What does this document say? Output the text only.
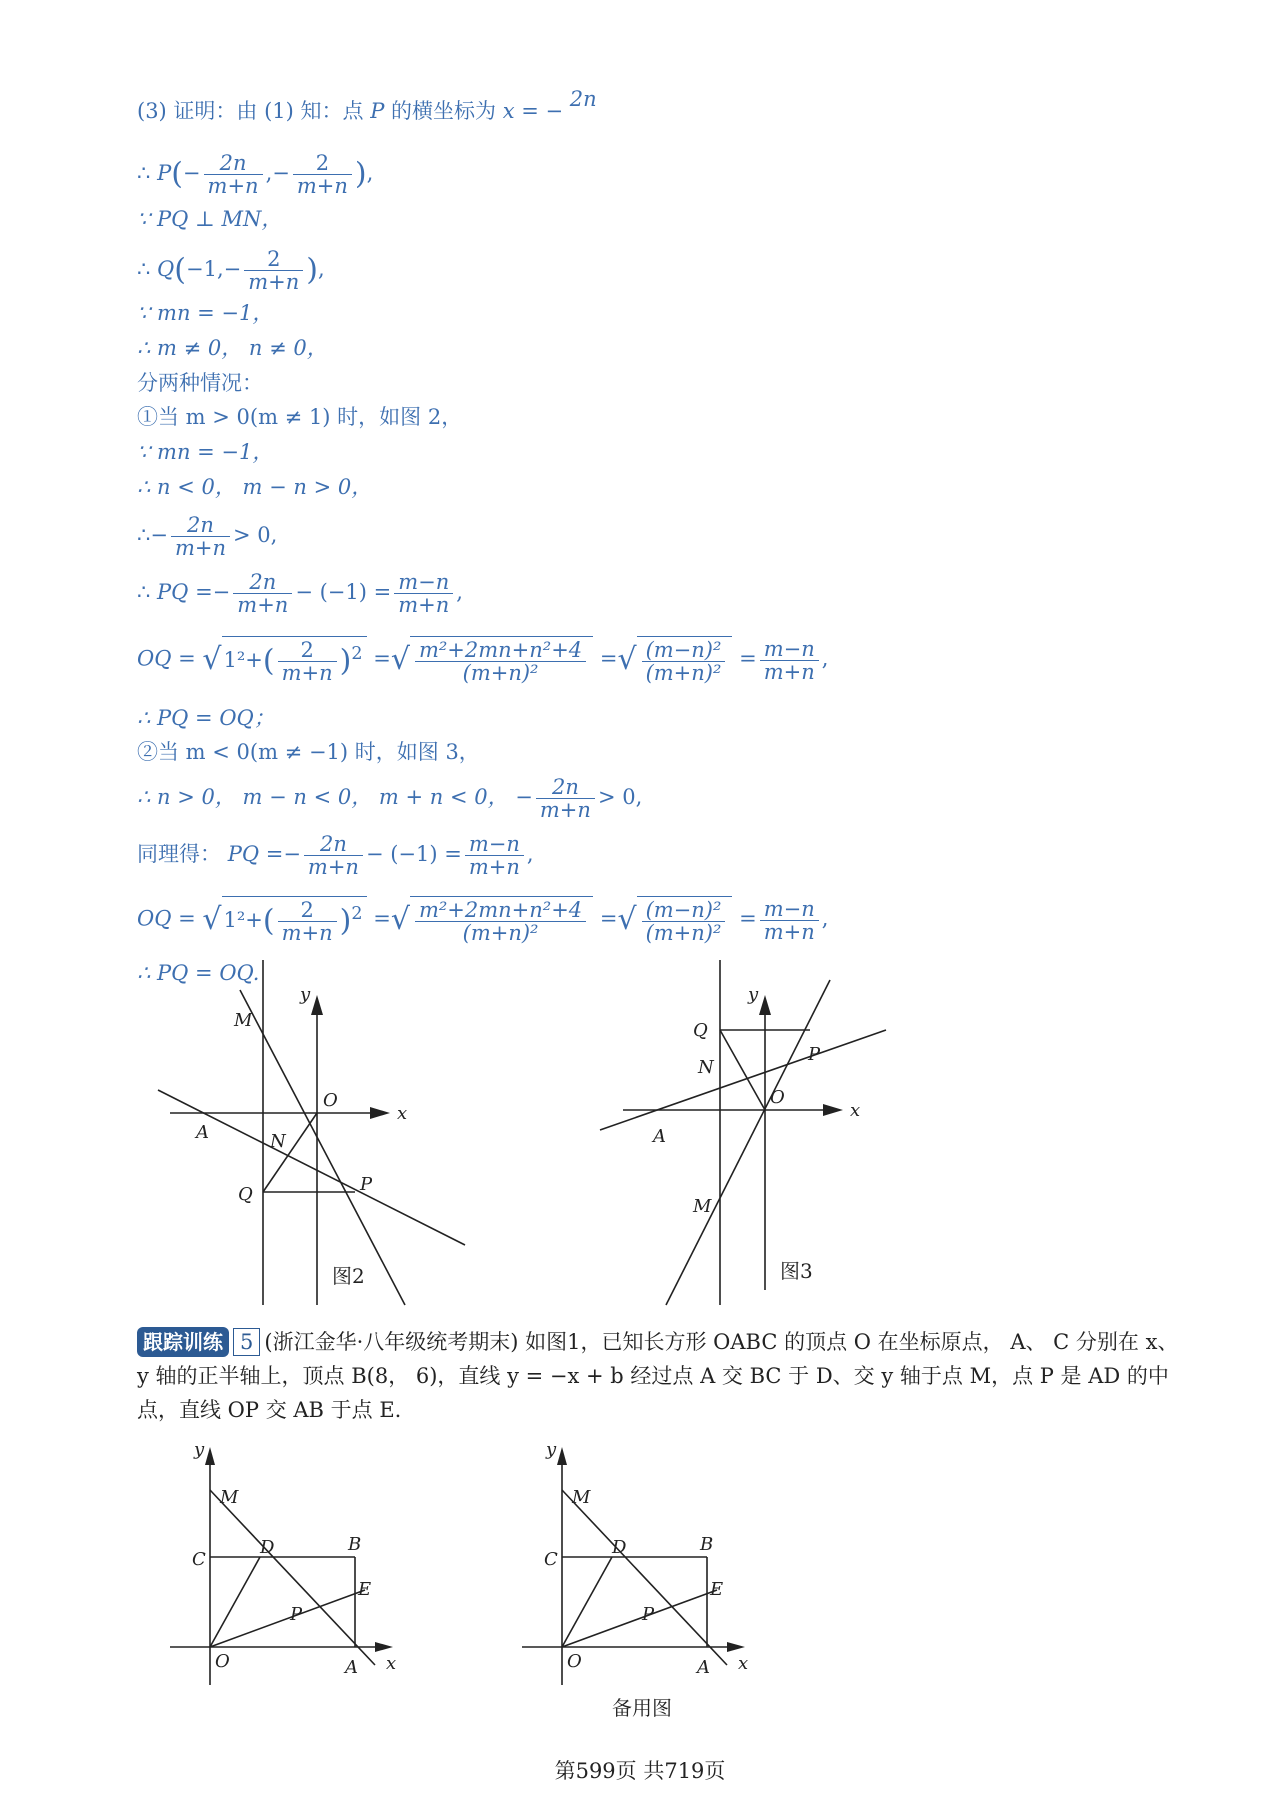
(3) 证明：由 (1) 知：点 P 的横坐标为 x = − 2n
∴ $P(- \frac{2n}{m+n}$ ,− $\frac{2}{m+n}$ ),
∵ PQ ⊥ MN，
∴ $Q(-1,- \frac{2}{m+n}$ ),
∵ mn = −1，
∴ m ≠ 0， n ≠ 0，
分两种情况：
①当 m > 0(m ≠ 1) 时，如图 2，
∵ mn = −1，
∴ n < 0， m − n > 0，
∴− $\frac{2n}{m+n} > 0$,
∴ PQ =− $\frac{2n}{m+n} - (-1) = \frac{m-n}{m+n}$ ,
OQ = $√1^2+( \frac{2}{m+n} )^2$ =√ $\frac{\text{m²+2mn+n²+4}}{\text{(m+n)²}}$ =√ $\frac{\text{(m−n)²}}{\text{(m+n)²}} = \frac{m-n}{m+n}$ ,
∴ PQ = OQ；
②当 m < 0(m ≠ −1) 时，如图 3，
∴ n > 0， m − n < 0， m + n < 0， − $\frac{2n}{m+n} > 0$,
同理得： PQ =− $\frac{2n}{m+n} - (-1) = \frac{m-n}{m+n}$ ,
OQ = $√1^2+( \frac{2}{m+n} )^2$ =√ $\frac{\text{m²+2mn+n²+4}}{\text{(m+n)²}}$ =√ $\frac{\text{(m−n)²}}{\text{(m+n)²}} = \frac{m-n}{m+n}$ ,
∴ PQ = OQ.
M
y
O
x
A	N
Q	P
图2
Q
y
P
N
O
x
A
M
图3
跟踪训练 5 (浙江金华·八年级统考期末) 如图1，已知长方形 OABC 的顶点 O 在坐标原点， A、 C 分别在 x、
y 轴的正半轴上，顶点 B(8， 6)，直线 y = −x + b 经过点 A 交 BC 于 D、交 y 轴于点 M，点 P 是 AD 的中
点，直线 OP 交 AB 于点 E.
y
M
C
D	B
E
P
O	A x
y
M
C
D	B
E
P
O	A x
备用图
第599页 共719页
